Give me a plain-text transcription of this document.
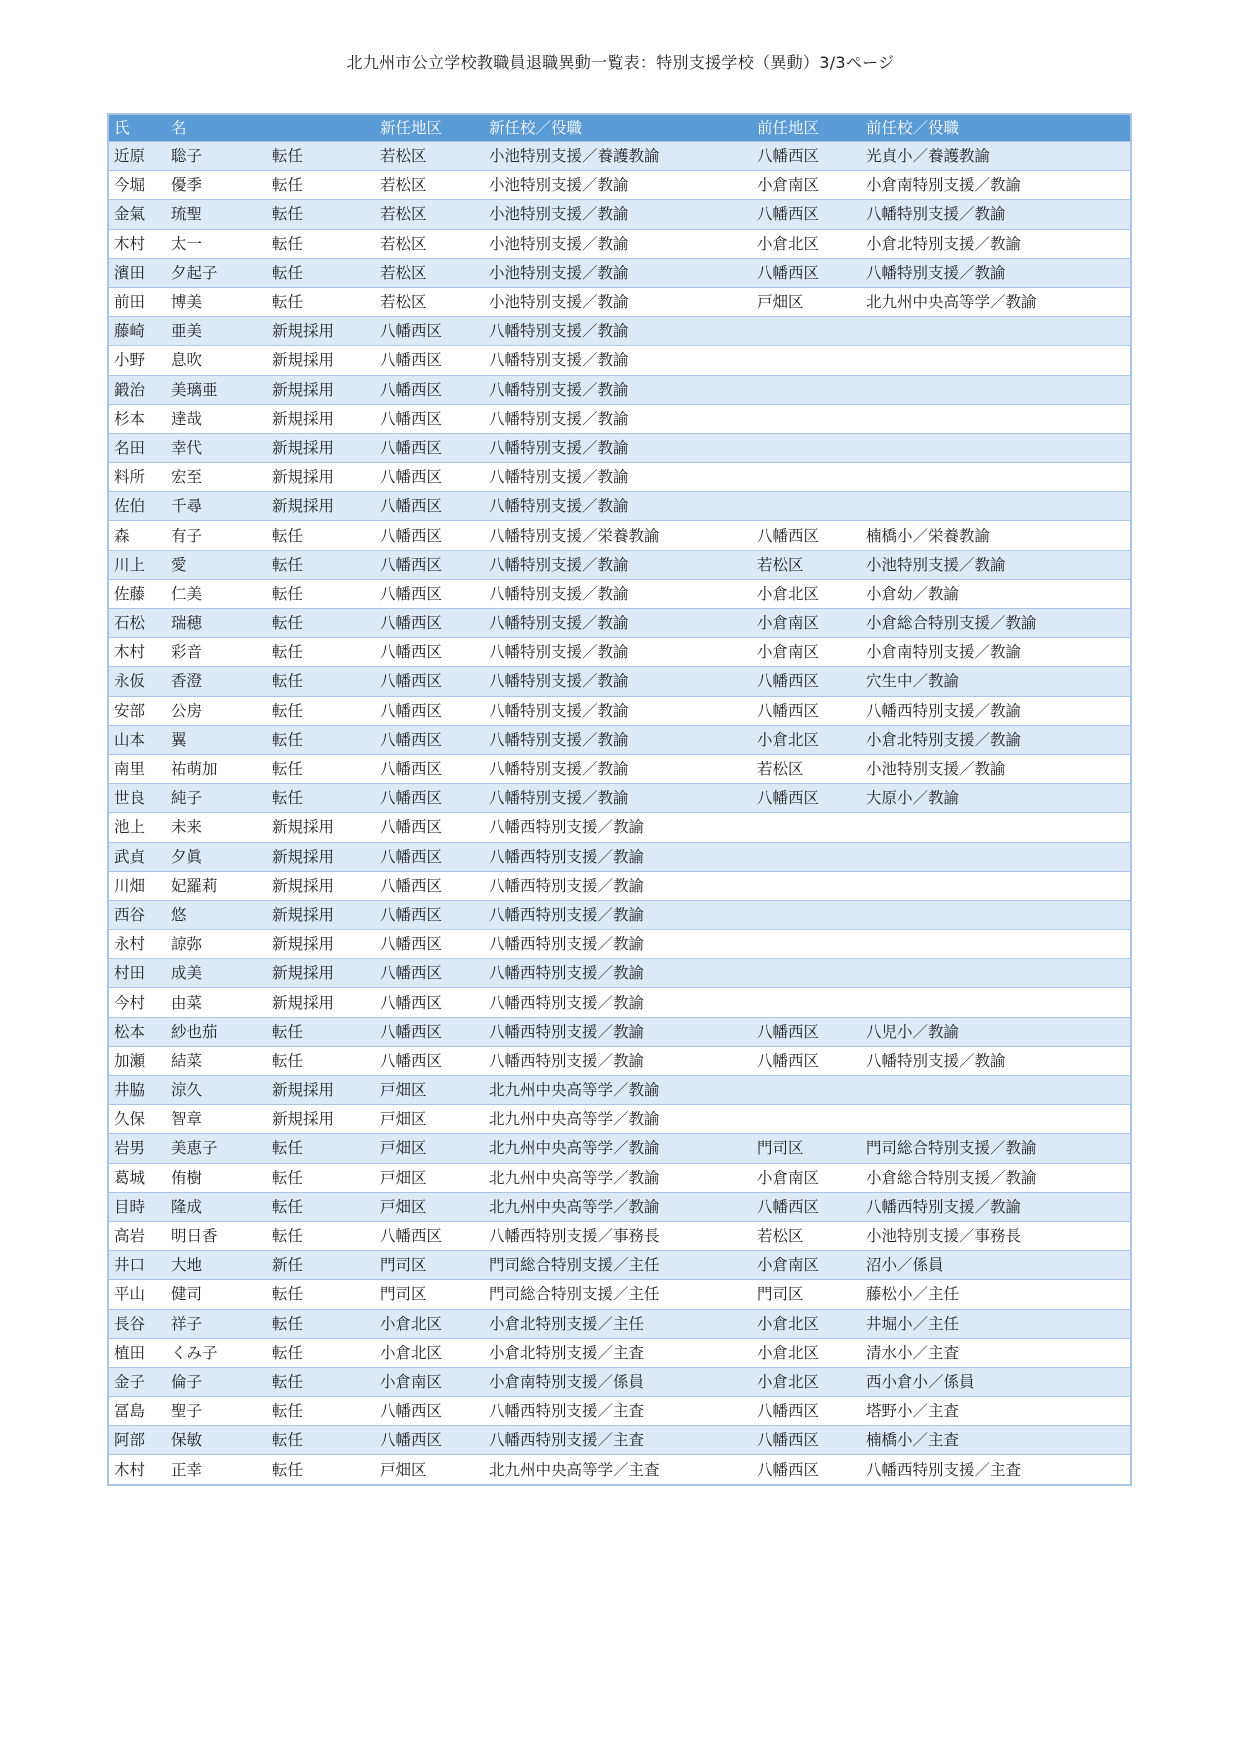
北九州市公立学校教職員退職異動一覧表：特別支援学校（異動）3/3ページ
氏	名		新任地区	新任校／役職	前任地区	前任校／役職
近原	聡子	転任	若松区	小池特別支援／養護教諭	八幡西区	光貞小／養護教諭
今堀	優季	転任	若松区	小池特別支援／教諭	小倉南区	小倉南特別支援／教諭
金氣	琉聖	転任	若松区	小池特別支援／教諭	八幡西区	八幡特別支援／教諭
木村	太一	転任	若松区	小池特別支援／教諭	小倉北区	小倉北特別支援／教諭
濱田	夕起子	転任	若松区	小池特別支援／教諭	八幡西区	八幡特別支援／教諭
前田	博美	転任	若松区	小池特別支援／教諭	戸畑区	北九州中央高等学／教諭
藤崎	亜美	新規採用	八幡西区	八幡特別支援／教諭		
小野	息吹	新規採用	八幡西区	八幡特別支援／教諭		
鍛治	美璃亜	新規採用	八幡西区	八幡特別支援／教諭		
杉本	達哉	新規採用	八幡西区	八幡特別支援／教諭		
名田	幸代	新規採用	八幡西区	八幡特別支援／教諭		
料所	宏至	新規採用	八幡西区	八幡特別支援／教諭		
佐伯	千尋	新規採用	八幡西区	八幡特別支援／教諭		
森	有子	転任	八幡西区	八幡特別支援／栄養教諭	八幡西区	楠橋小／栄養教諭
川上	愛	転任	八幡西区	八幡特別支援／教諭	若松区	小池特別支援／教諭
佐藤	仁美	転任	八幡西区	八幡特別支援／教諭	小倉北区	小倉幼／教諭
石松	瑞穂	転任	八幡西区	八幡特別支援／教諭	小倉南区	小倉総合特別支援／教諭
木村	彩音	転任	八幡西区	八幡特別支援／教諭	小倉南区	小倉南特別支援／教諭
永仮	香澄	転任	八幡西区	八幡特別支援／教諭	八幡西区	穴生中／教諭
安部	公房	転任	八幡西区	八幡特別支援／教諭	八幡西区	八幡西特別支援／教諭
山本	翼	転任	八幡西区	八幡特別支援／教諭	小倉北区	小倉北特別支援／教諭
南里	祐萌加	転任	八幡西区	八幡特別支援／教諭	若松区	小池特別支援／教諭
世良	純子	転任	八幡西区	八幡特別支援／教諭	八幡西区	大原小／教諭
池上	未来	新規採用	八幡西区	八幡西特別支援／教諭		
武貞	夕眞	新規採用	八幡西区	八幡西特別支援／教諭		
川畑	妃羅莉	新規採用	八幡西区	八幡西特別支援／教諭		
西谷	悠	新規採用	八幡西区	八幡西特別支援／教諭		
永村	諒弥	新規採用	八幡西区	八幡西特別支援／教諭		
村田	成美	新規採用	八幡西区	八幡西特別支援／教諭		
今村	由菜	新規採用	八幡西区	八幡西特別支援／教諭		
松本	紗也茄	転任	八幡西区	八幡西特別支援／教諭	八幡西区	八児小／教諭
加瀬	結菜	転任	八幡西区	八幡西特別支援／教諭	八幡西区	八幡特別支援／教諭
井脇	涼久	新規採用	戸畑区	北九州中央高等学／教諭		
久保	智章	新規採用	戸畑区	北九州中央高等学／教諭		
岩男	美恵子	転任	戸畑区	北九州中央高等学／教諭	門司区	門司総合特別支援／教諭
葛城	侑樹	転任	戸畑区	北九州中央高等学／教諭	小倉南区	小倉総合特別支援／教諭
目時	隆成	転任	戸畑区	北九州中央高等学／教諭	八幡西区	八幡西特別支援／教諭
高岩	明日香	転任	八幡西区	八幡西特別支援／事務長	若松区	小池特別支援／事務長
井口	大地	新任	門司区	門司総合特別支援／主任	小倉南区	沼小／係員
平山	健司	転任	門司区	門司総合特別支援／主任	門司区	藤松小／主任
長谷	祥子	転任	小倉北区	小倉北特別支援／主任	小倉北区	井堀小／主任
植田	くみ子	転任	小倉北区	小倉北特別支援／主査	小倉北区	清水小／主査
金子	倫子	転任	小倉南区	小倉南特別支援／係員	小倉北区	西小倉小／係員
冨島	聖子	転任	八幡西区	八幡西特別支援／主査	八幡西区	塔野小／主査
阿部	保敏	転任	八幡西区	八幡西特別支援／主査	八幡西区	楠橋小／主査
木村	正幸	転任	戸畑区	北九州中央高等学／主査	八幡西区	八幡西特別支援／主査
